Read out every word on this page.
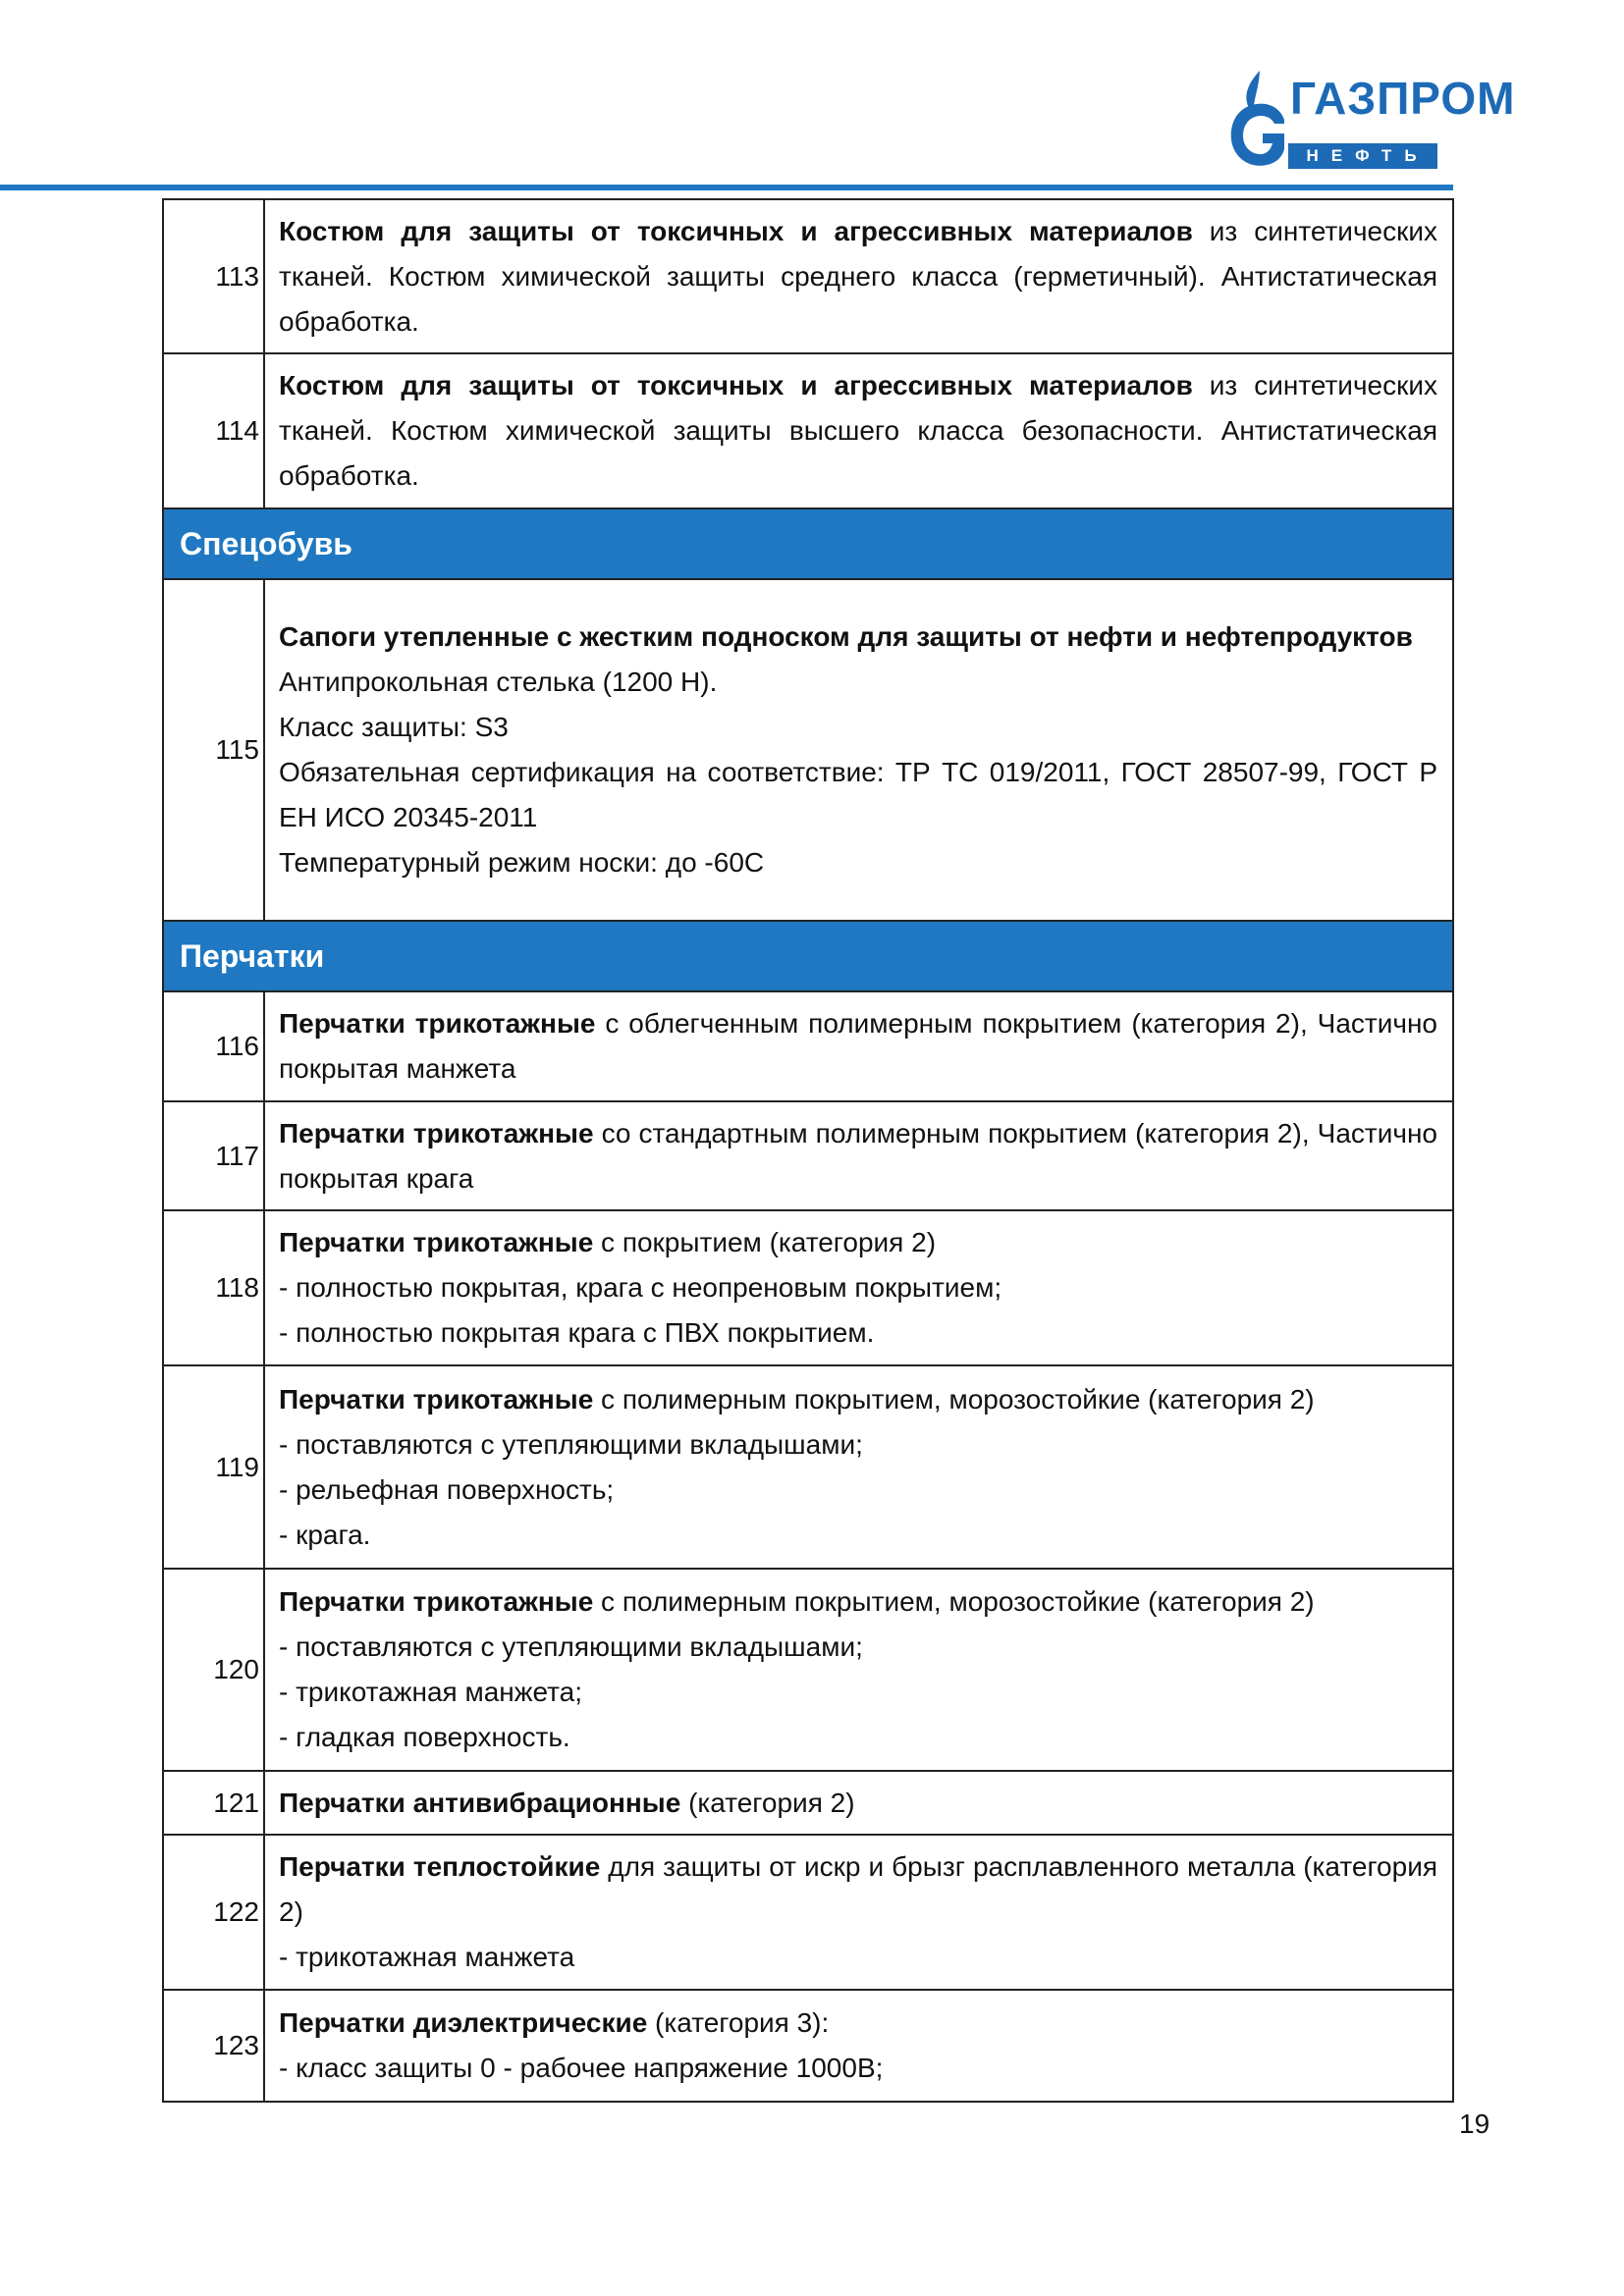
ГАЗПРОМ
НЕФТЬ
113	Костюм для защиты от токсичных и агрессивных материалов из синтетических тканей. Костюм химической защиты среднего класса (герметичный). Антистатическая обработка.

114	Костюм для защиты от токсичных и агрессивных материалов из синтетических тканей. Костюм химической защиты высшего класса безопасности. Антистатическая обработка.

Спецобувь	
115	Сапоги утепленные с жестким подноском для защиты от нефти и нефтепродуктов

Антипрокольная стелька (1200 Н).

Класс защиты: S3

Обязательная сертификация на соответствие: ТР ТС 019/2011, ГОСТ 28507-99, ГОСТ Р ЕН ИСО 20345-2011

Температурный режим носки: до -60С

Перчатки	
116	Перчатки трикотажные с облегченным полимерным покрытием (категория 2), Частично покрытая манжета

117	Перчатки трикотажные со стандартным полимерным покрытием (категория 2), Частично покрытая крага

118	Перчатки трикотажные с покрытием (категория 2)

- полностью покрытая, крага с неопреновым покрытием;

- полностью покрытая крага с ПВХ покрытием.

119	Перчатки трикотажные с полимерным покрытием, морозостойкие (категория 2)

- поставляются с утепляющими вкладышами;

- рельефная поверхность;

- крага.

120	Перчатки трикотажные с полимерным покрытием, морозостойкие (категория 2)

- поставляются с утепляющими вкладышами;

- трикотажная манжета;

- гладкая поверхность.

121	Перчатки антивибрационные (категория 2)

122	Перчатки теплостойкие для защиты от искр и брызг расплавленного металла (категория 2)

- трикотажная манжета

123	Перчатки диэлектрические (категория 3):

- класс защиты 0 - рабочее напряжение 1000В;

19
